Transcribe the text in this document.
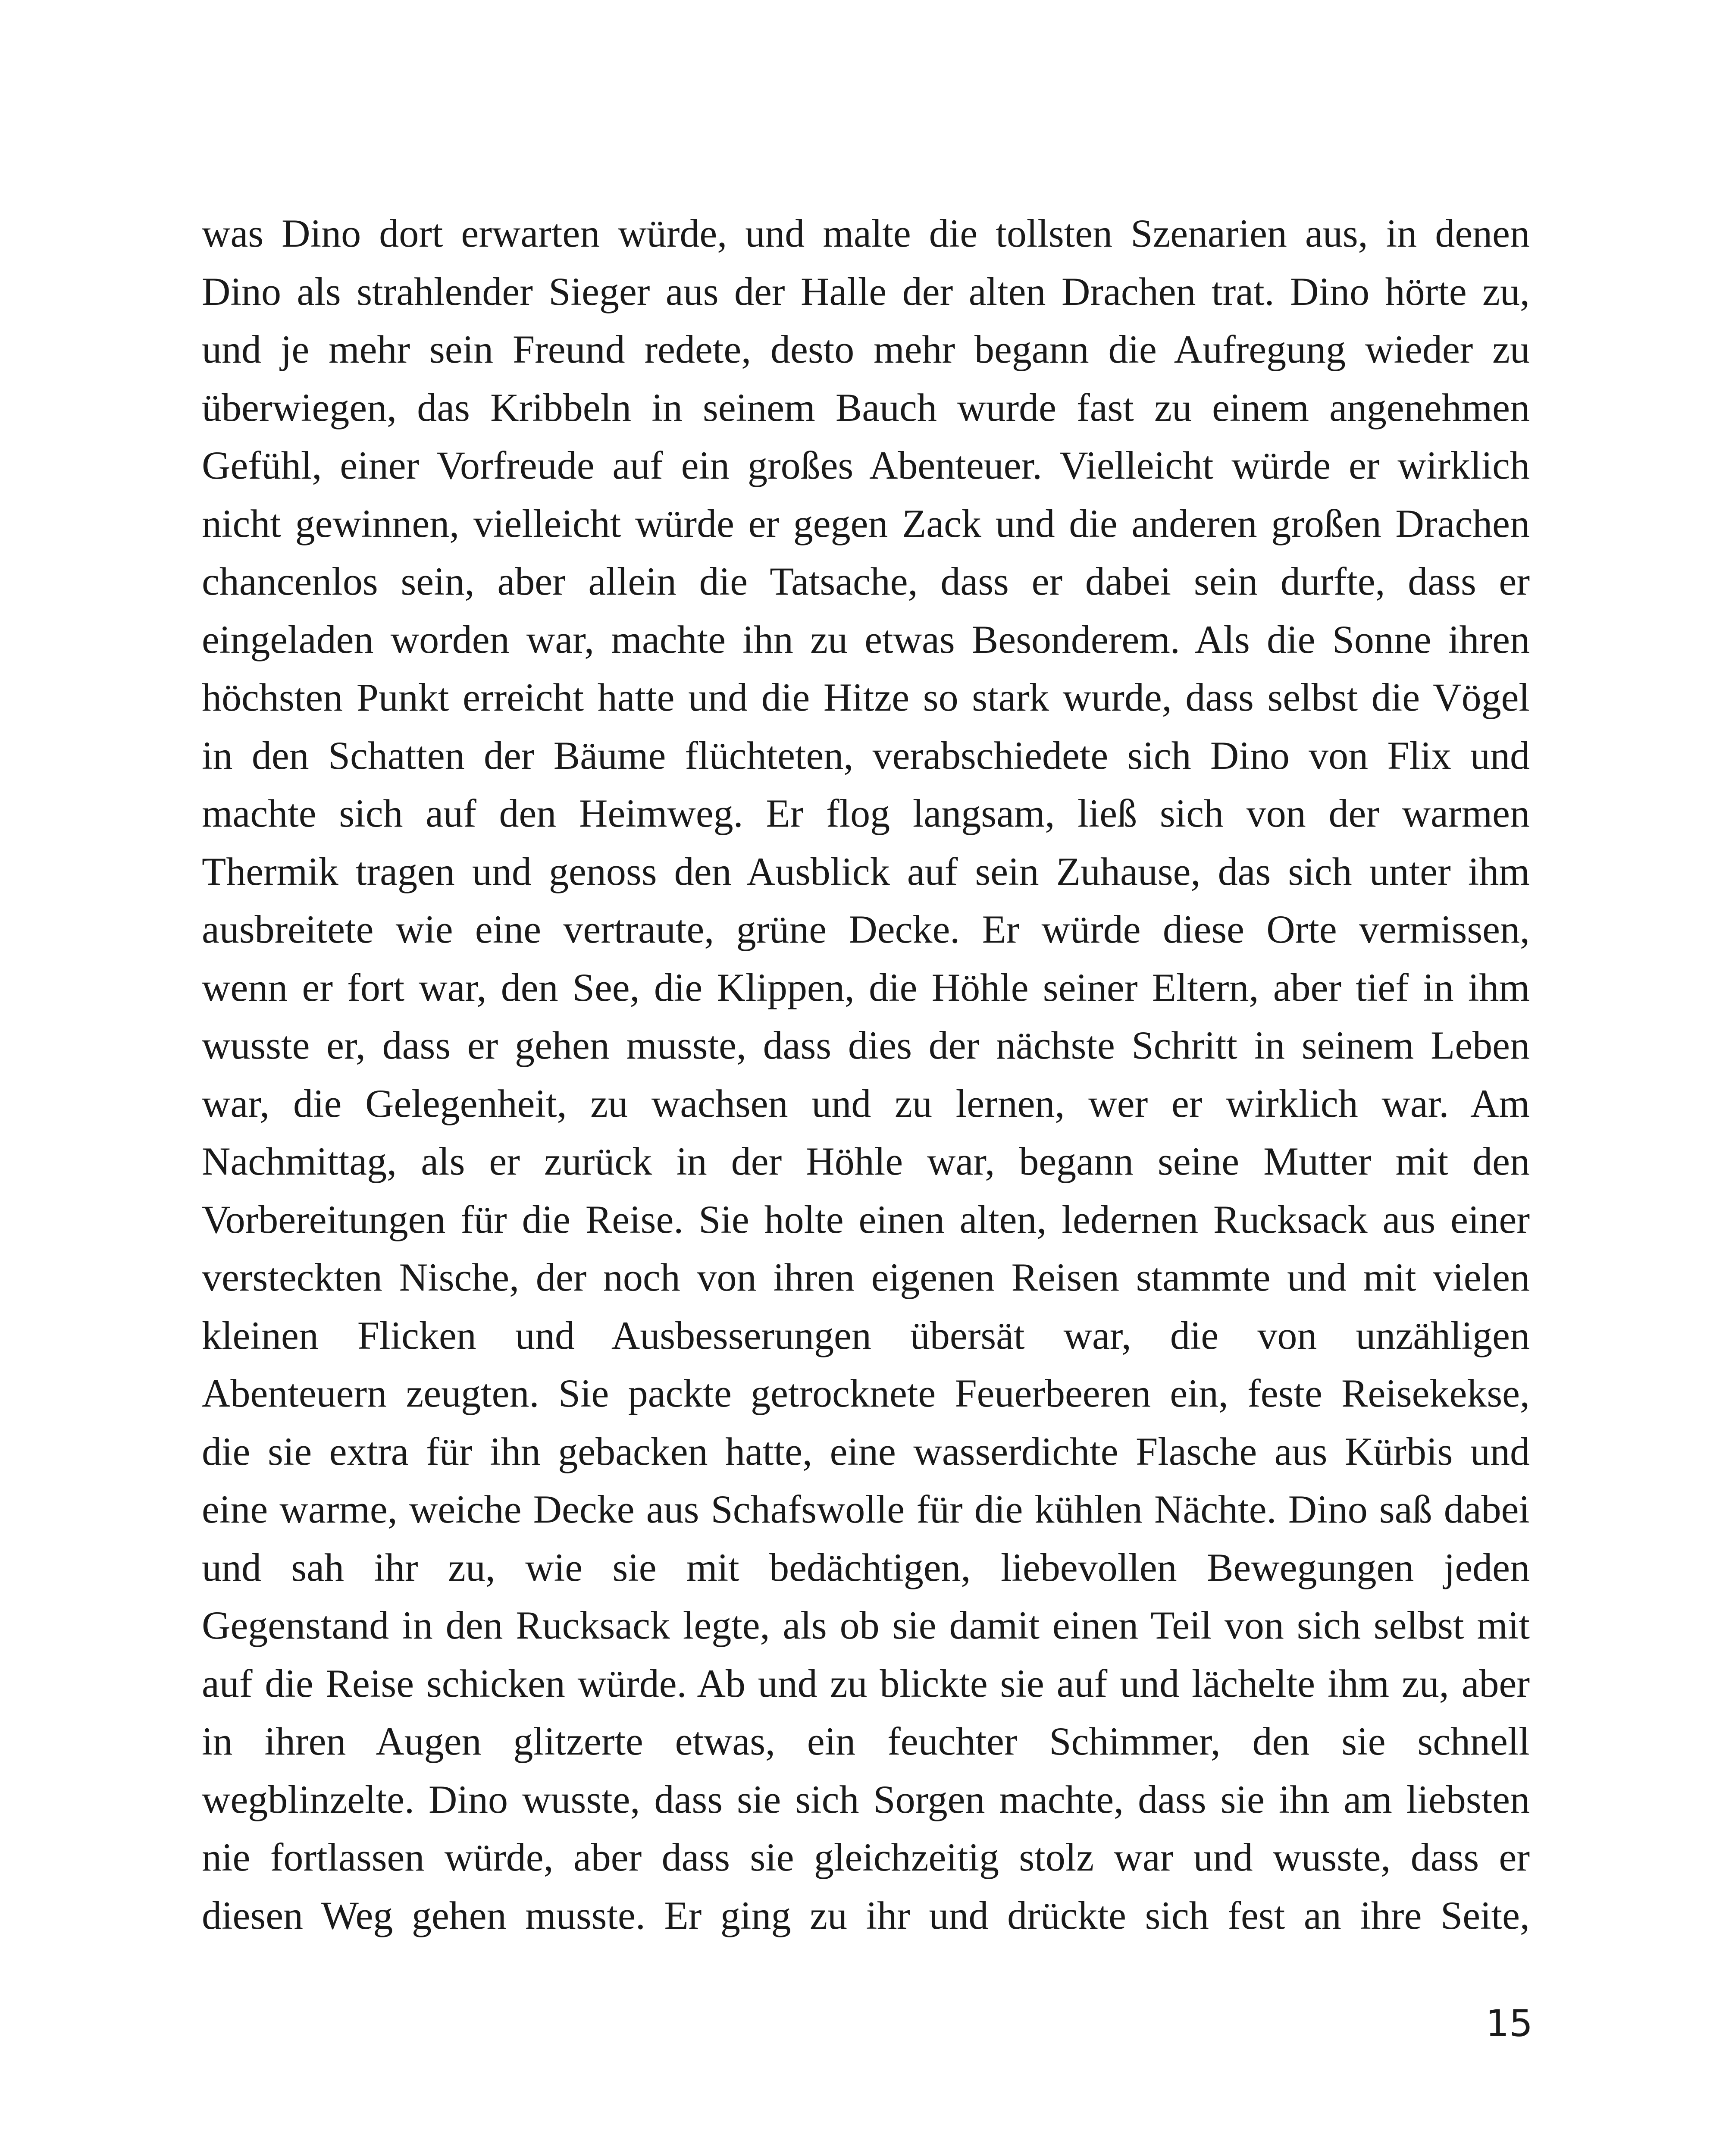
was Dino dort erwarten würde, und malte die tollsten Szenarien aus, in denen
Dino als strahlender Sieger aus der Halle der alten Drachen trat. Dino hörte zu,
und je mehr sein Freund redete, desto mehr begann die Aufregung wieder zu
überwiegen, das Kribbeln in seinem Bauch wurde fast zu einem angenehmen
Gefühl, einer Vorfreude auf ein großes Abenteuer. Vielleicht würde er wirklich
nicht gewinnen, vielleicht würde er gegen Zack und die anderen großen Drachen
chancenlos sein, aber allein die Tatsache, dass er dabei sein durfte, dass er
eingeladen worden war, machte ihn zu etwas Besonderem. Als die Sonne ihren
höchsten Punkt erreicht hatte und die Hitze so stark wurde, dass selbst die Vögel
in den Schatten der Bäume flüchteten, verabschiedete sich Dino von Flix und
machte sich auf den Heimweg. Er flog langsam, ließ sich von der warmen
Thermik tragen und genoss den Ausblick auf sein Zuhause, das sich unter ihm
ausbreitete wie eine vertraute, grüne Decke. Er würde diese Orte vermissen,
wenn er fort war, den See, die Klippen, die Höhle seiner Eltern, aber tief in ihm
wusste er, dass er gehen musste, dass dies der nächste Schritt in seinem Leben
war, die Gelegenheit, zu wachsen und zu lernen, wer er wirklich war. Am
Nachmittag, als er zurück in der Höhle war, begann seine Mutter mit den
Vorbereitungen für die Reise. Sie holte einen alten, ledernen Rucksack aus einer
versteckten Nische, der noch von ihren eigenen Reisen stammte und mit vielen
kleinen Flicken und Ausbesserungen übersät war, die von unzähligen
Abenteuern zeugten. Sie packte getrocknete Feuerbeeren ein, feste Reisekekse,
die sie extra für ihn gebacken hatte, eine wasserdichte Flasche aus Kürbis und
eine warme, weiche Decke aus Schafswolle für die kühlen Nächte. Dino saß dabei
und sah ihr zu, wie sie mit bedächtigen, liebevollen Bewegungen jeden
Gegenstand in den Rucksack legte, als ob sie damit einen Teil von sich selbst mit
auf die Reise schicken würde. Ab und zu blickte sie auf und lächelte ihm zu, aber
in ihren Augen glitzerte etwas, ein feuchter Schimmer, den sie schnell
wegblinzelte. Dino wusste, dass sie sich Sorgen machte, dass sie ihn am liebsten
nie fortlassen würde, aber dass sie gleichzeitig stolz war und wusste, dass er
diesen Weg gehen musste. Er ging zu ihr und drückte sich fest an ihre Seite,
15
